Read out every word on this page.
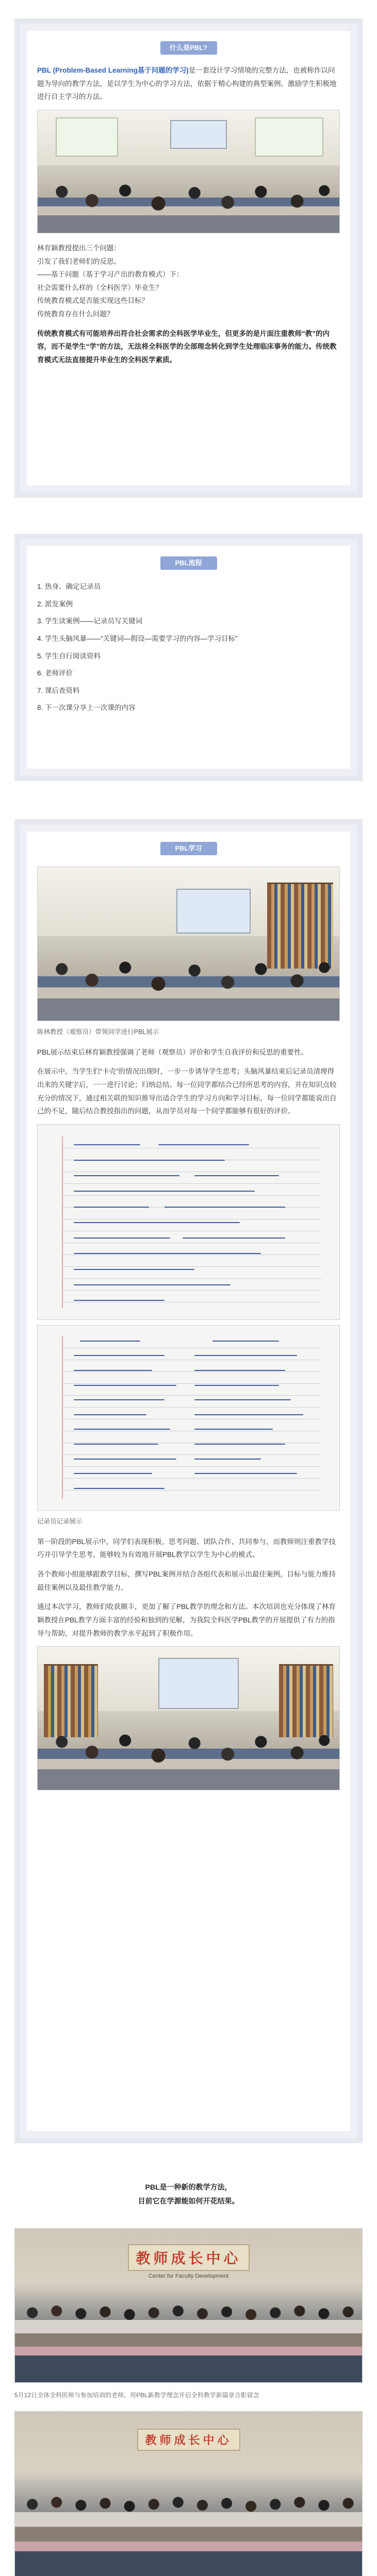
什么是PBL?

PBL (Problem-Based Learning基于问题的学习)是一套设计学习情境的完整方法，也被称作以问题为导向的教学方法，是以学生为中心的学习方法，依据于精心构建的典型案例，激励学生积极地进行自主学习的方法。

林育颖教授提出三个问题：
引发了我们老师们的反思。
——基于问题（基于学习产出的教育模式）下：
社会需要什么样的（全科医学）毕业生？
传统教育模式是否能实现这些目标？
传统教育存在什么问题？

传统教育模式有可能培养出符合社会需求的全科医学毕业生，但更多的是片面注重教师“教”的内容，而不是学生“学”的方法，无法将全科医学的全部理念转化到学生处理临床事务的能力。传统教育模式无法直接提升毕业生的全科医学素质。

PBL流程

1. 热身、确定记录员

2. 派发案例

3. 学生读案例——记录员写关键词

4. 学生头脑风暴——“关键词—假设—需要学习的内容—学习目标”

5. 学生自行阅读资料

6. 老师评价

7. 课后查资料

8. 下一次课分享上一次课的内容

PBL学习
陈林教授（观察员）带领同学进行PBL展示

PBL展示结束后林育颖教授强调了老师（观察员）评价和学生自我评价和反思的重要性。

在展示中，当学生们“卡壳”的情况出现时，一步一步诱导学生思考；头脑风暴结束后记录员清理得出来的关键字后，一一进行讨论；归纳总结。每一位同学都结合已经所思考的内容，并在知识点较充分的情况下，通过相关联的知识推导出适合学生的学习方向和学习目标，每一位同学都能说出自己的不足，随后结合教授指出的问题，从而学员对每一个同学都能够有很好的评价。

记录员记录展示

第一阶段的PBL展示中，同学们表现积极，思考问题、团队合作、共同参与，而教师则注重教学技巧并引导学生思考，能够较为有效地开展PBL教学以学生为中心的模式。

各个教师小组能够跟教学目标，撰写PBL案例并结合各组代表和展示出最佳案例，目标与能力维持最佳案例以及最佳教学能力。

通过本次学习，教师们收获颇丰，更加了解了PBL教学的理念和方法。本次培训也充分体现了林育颖教授在PBL教学方面丰富的经验和独到的见解，为我院全科医学PBL教学的开展提供了有力的指导与帮助，对提升教师的教学水平起到了积极作用。

PBL是一种新的教学方法，
目前它在学源能如何开花结果。
教师成长中心
Center for Faculty Development
5月12日全体全科医师与参加培训的老师，用PBL新教学理念开启全科教学新篇章合影留念
教师成长中心
